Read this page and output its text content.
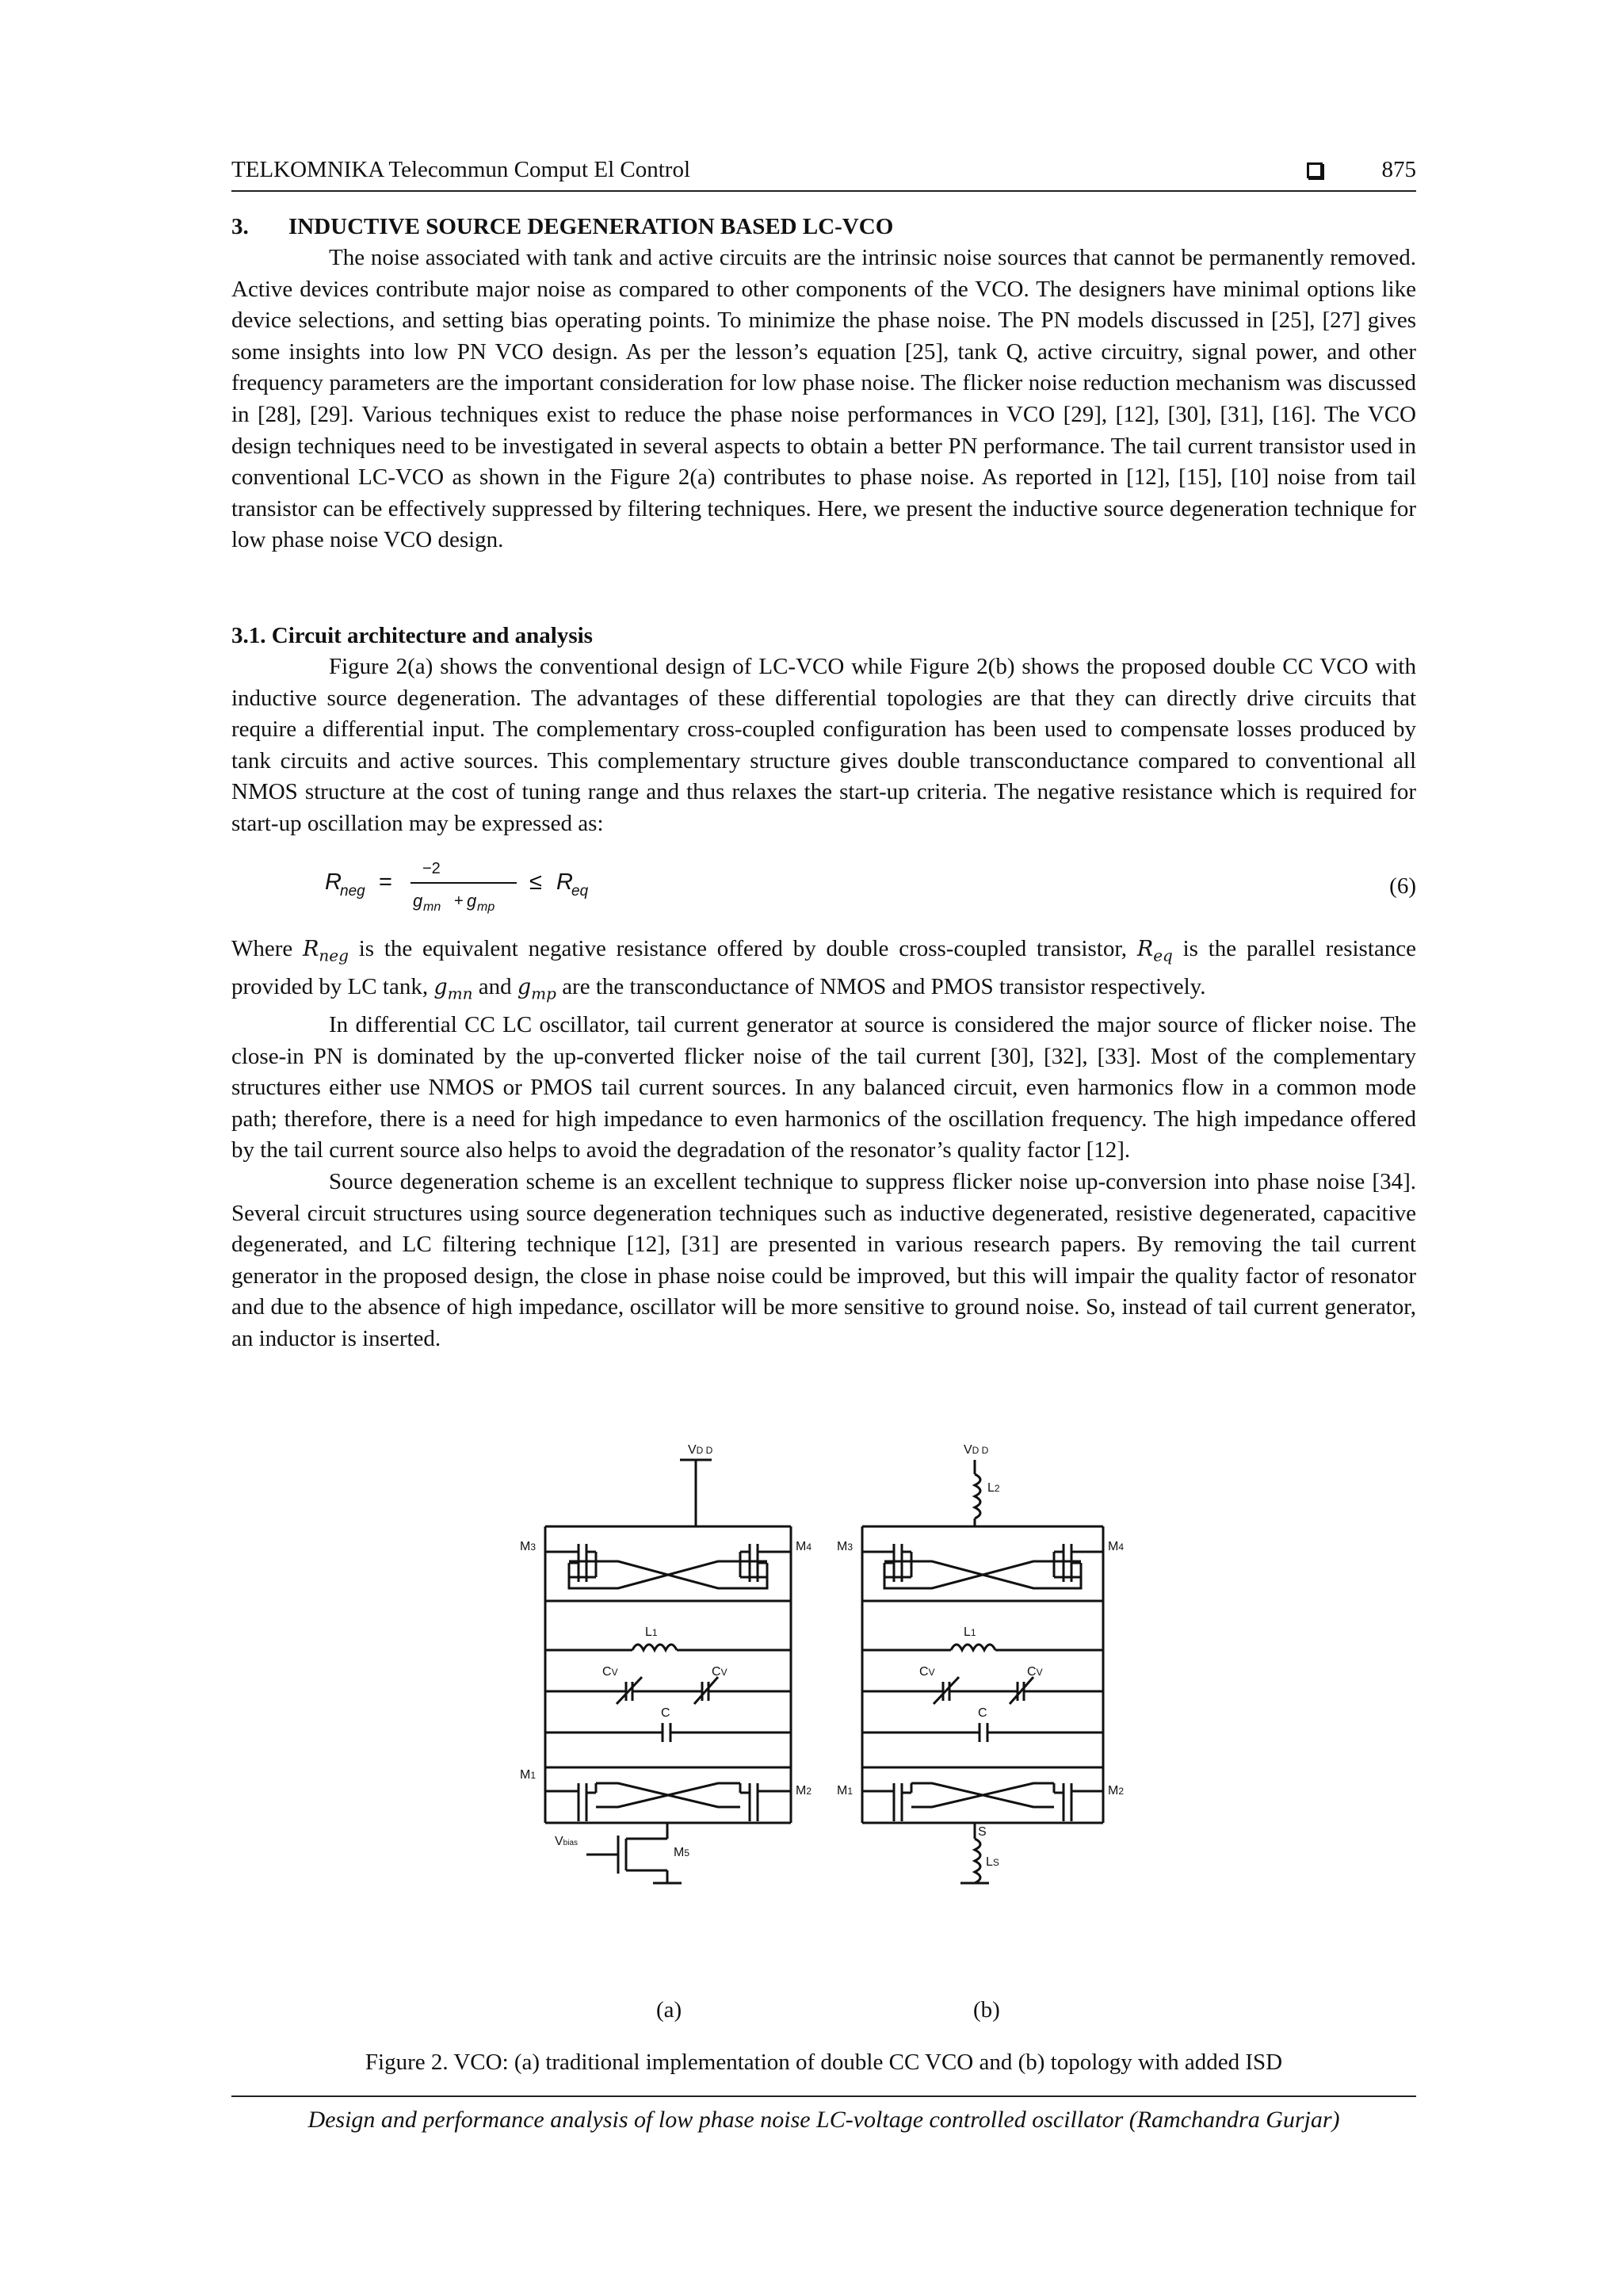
TELKOMNIKA Telecommun Comput El Control	875
3. INDUCTIVE SOURCE DEGENERATION BASED LC-VCO

The noise associated with tank and active circuits are the intrinsic noise sources that cannot be permanently removed. Active devices contribute major noise as compared to other components of the VCO. The designers have minimal options like device selections, and setting bias operating points. To minimize the phase noise. The PN models discussed in [25], [27] gives some insights into low PN VCO design. As per the lesson’s equation [25], tank Q, active circuitry, signal power, and other frequency parameters are the important consideration for low phase noise. The flicker noise reduction mechanism was discussed in [28], [29]. Various techniques exist to reduce the phase noise performances in VCO [29], [12], [30], [31], [16]. The VCO design techniques need to be investigated in several aspects to obtain a better PN performance. The tail current transistor used in conventional LC-VCO as shown in the Figure 2(a) contributes to phase noise. As reported in [12], [15], [10] noise from tail transistor can be effectively suppressed by filtering techniques. Here, we present the inductive source degeneration technique for low phase noise VCO design.

3.1. Circuit architecture and analysis

Figure 2(a) shows the conventional design of LC-VCO while Figure 2(b) shows the proposed double CC VCO with inductive source degeneration. The advantages of these differential topologies are that they can directly drive circuits that require a differential input. The complementary cross-coupled configuration has been used to compensate losses produced by tank circuits and active sources. This complementary structure gives double transconductance compared to conventional all NMOS structure at the cost of tuning range and thus relaxes the start-up criteria. The negative resistance which is required for start-up oscillation may be expressed as:

R
neg =
−2
g mn + g mp
≤ R
eq	(6)

Where $R_{neg}$ is the equivalent negative resistance offered by double cross-coupled transistor, $R_{eq}$ is the parallel resistance provided by LC tank, $g_{mn}$ and $g_{mp}$ are the transconductance of NMOS and PMOS transistor respectively.

In differential CC LC oscillator, tail current generator at source is considered the major source of flicker noise. The close-in PN is dominated by the up-converted flicker noise of the tail current [30], [32], [33]. Most of the complementary structures either use NMOS or PMOS tail current sources. In any balanced circuit, even harmonics flow in a common mode path; therefore, there is a need for high impedance to even harmonics of the oscillation frequency. The high impedance offered by the tail current source also helps to avoid the degradation of the resonator’s quality factor [12].

Source degeneration scheme is an excellent technique to suppress flicker noise up-conversion into phase noise [34]. Several circuit structures using source degeneration techniques such as inductive degenerated, resistive degenerated, capacitive degenerated, and LC filtering technique [12], [31] are presented in various research papers. By removing the tail current generator in the proposed design, the close in phase noise could be improved, but this will impair the quality factor of resonator and due to the absence of high impedance, oscillator will be more sensitive to ground noise. So, instead of tail current generator, an inductor is inserted.

VD D
M3	M4
L1
CV	CV
C
M1
M2
Vbias
M5
VD D
L2
M3	M4
L1
CV	CV
C
M1	M2
S
LS
(a)	(b)
Figure 2. VCO: (a) traditional implementation of double CC VCO and (b) topology with added ISD
Design and performance analysis of low phase noise LC-voltage controlled oscillator (Ramchandra Gurjar)
